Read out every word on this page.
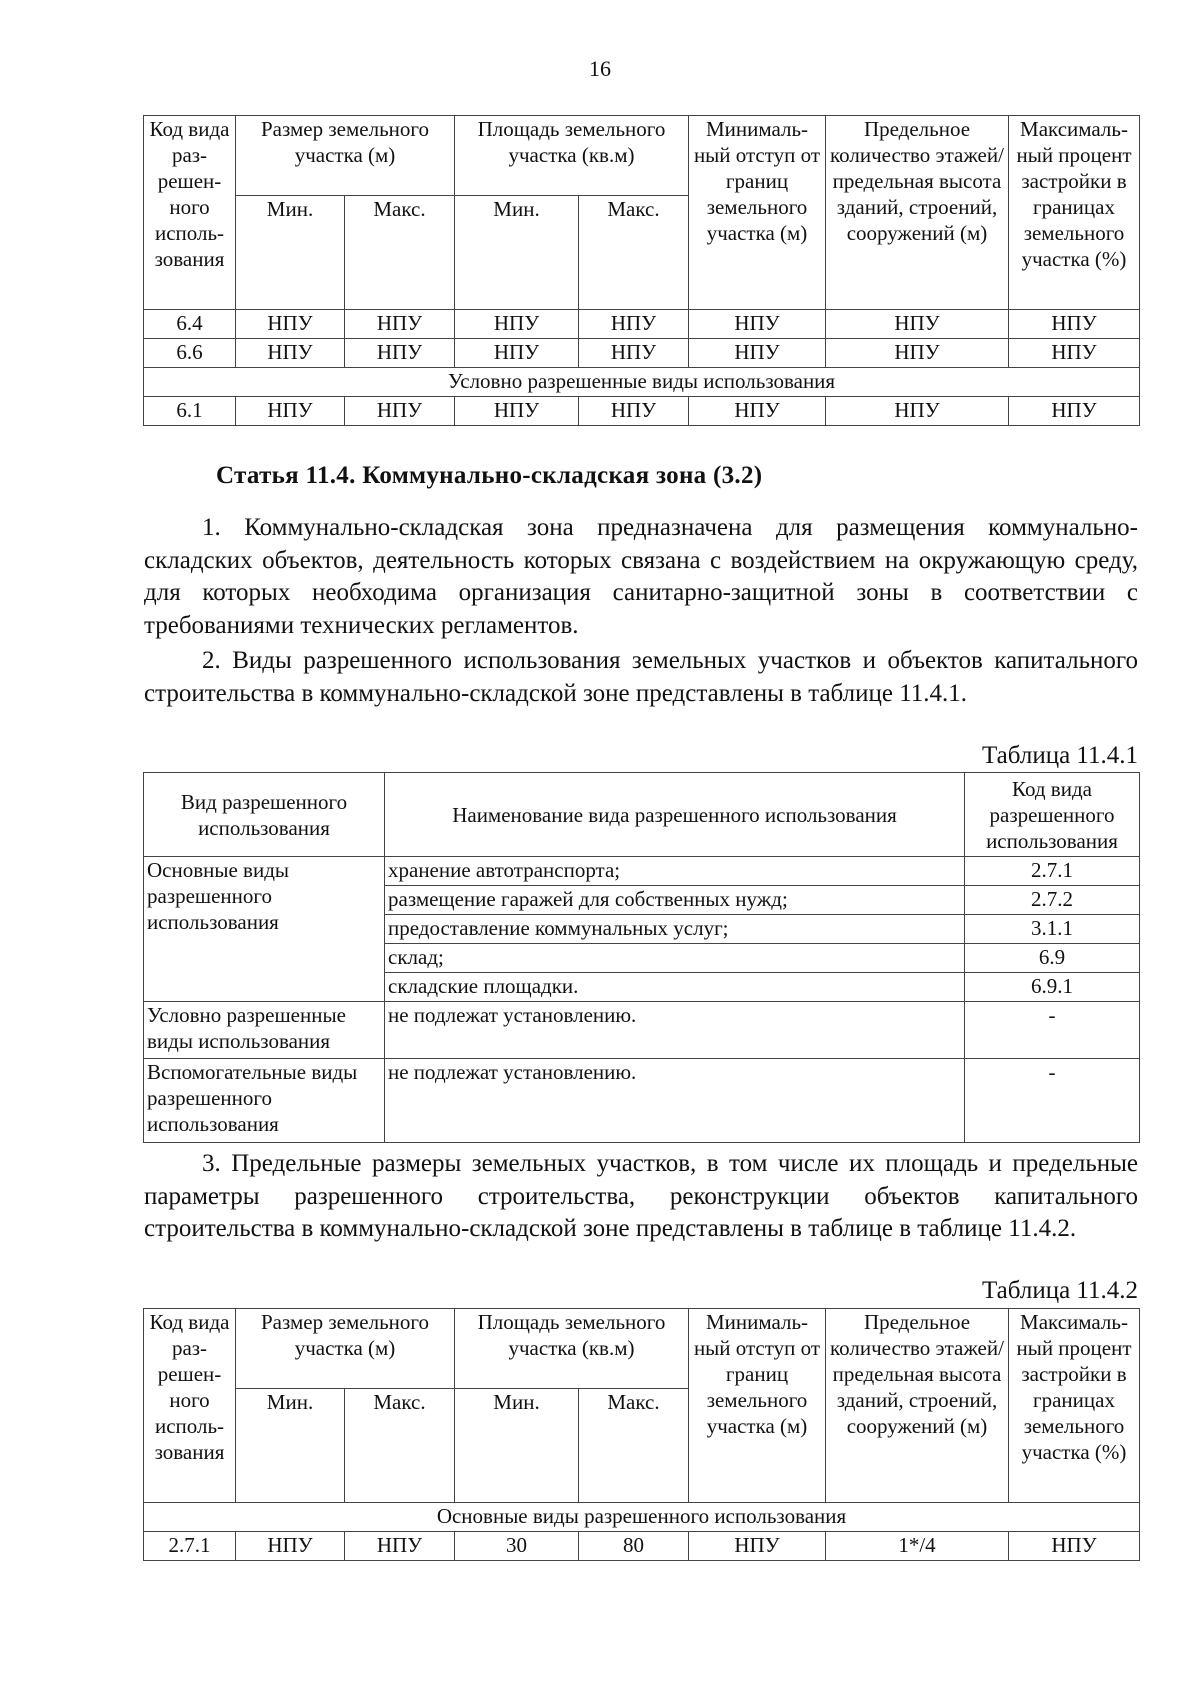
16
Код вида раз-решен-ного исполь-зования	Размер земельного участка (м)		Площадь земельного участка (кв.м)		Минималь-ный отступ от границ земельного участка (м)	Предельное количество этажей/ предельная высота зданий, строений, сооружений (м)	Максималь-ный процент застройки в границах земельного участка (%)
	Мин.	Макс.	Мин.	Макс.			
6.4	НПУ	НПУ	НПУ	НПУ	НПУ	НПУ	НПУ
6.6	НПУ	НПУ	НПУ	НПУ	НПУ	НПУ	НПУ
Условно разрешенные виды использования							
6.1	НПУ	НПУ	НПУ	НПУ	НПУ	НПУ	НПУ
Статья 11.4. Коммунально-складская зона (3.2)

1. Коммунально-складская зона предназначена для размещения коммунально-складских объектов, деятельность которых связана с воздействием на окружающую среду, для которых необходима организация санитарно-защитной зоны в соответствии с требованиями технических регламентов.

2. Виды разрешенного использования земельных участков и объектов капитального строительства в коммунально-складской зоне представлены в таблице 11.4.1.

Таблица 11.4.1
Вид разрешенного использования	Наименование вида разрешенного использования	Код вида разрешенного использования
Основные виды разрешенного использования	хранение автотранспорта;	2.7.1
	размещение гаражей для собственных нужд;	2.7.2
	предоставление коммунальных услуг;	3.1.1
	склад;	6.9
	складские площадки.	6.9.1
Условно разрешенные виды использования	не подлежат установлению.	-
Вспомогательные виды разрешенного использования	не подлежат установлению.	-

3. Предельные размеры земельных участков, в том числе их площадь и предельные параметры разрешенного строительства, реконструкции объектов капитального строительства в коммунально-складской зоне представлены в таблице в таблице 11.4.2.

Таблица 11.4.2
Код вида раз-решен-ного исполь-зования	Размер земельного участка (м)		Площадь земельного участка (кв.м)		Минималь-ный отступ от границ земельного участка (м)	Предельное количество этажей/ предельная высота зданий, строений, сооружений (м)	Максималь-ный процент застройки в границах земельного участка (%)
	Мин.	Макс.	Мин.	Макс.			
Основные виды разрешенного использования							
2.7.1	НПУ	НПУ	30	80	НПУ	1*/4	НПУ
